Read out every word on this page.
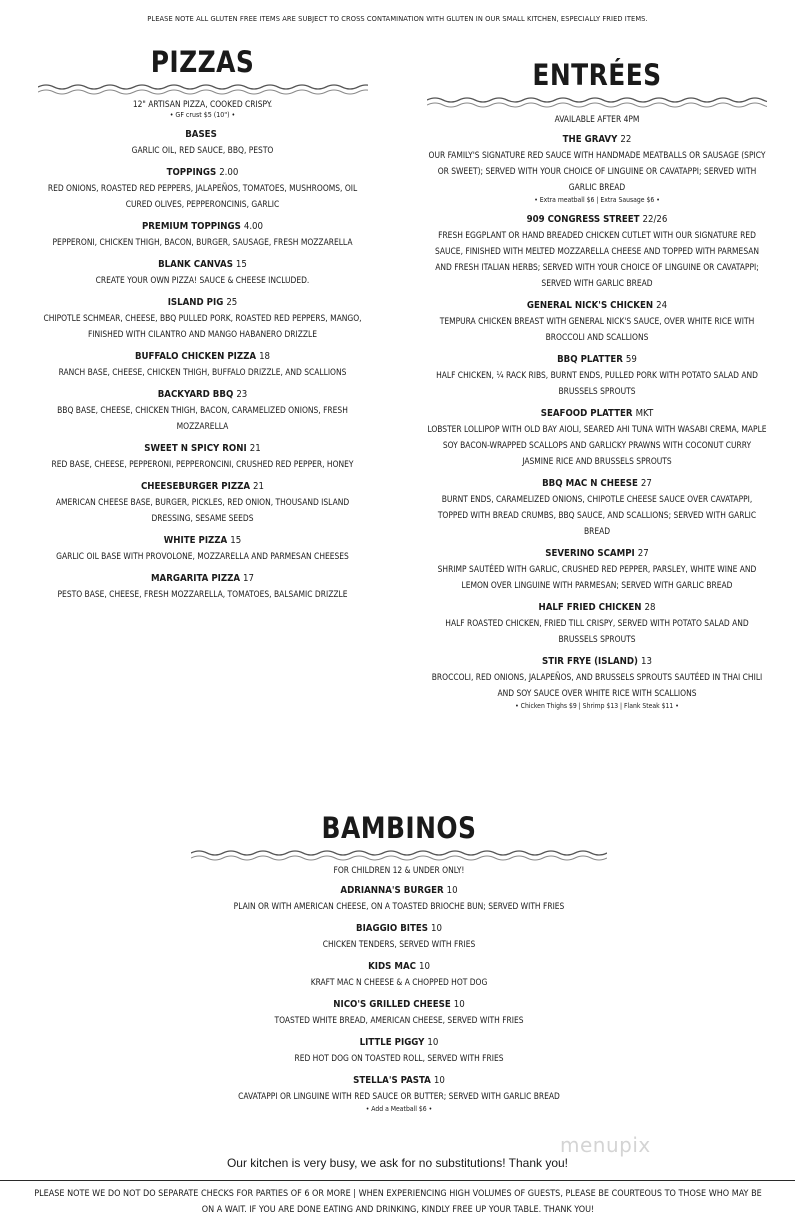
PLEASE NOTE ALL GLUTEN FREE ITEMS ARE SUBJECT TO CROSS CONTAMINATION WITH GLUTEN IN OUR SMALL KITCHEN, ESPECIALLY FRIED ITEMS.
PIZZAS
12" ARTISAN PIZZA, COOKED CRISPY.
• GF crust $5 (10") •
BASES
GARLIC OIL, RED SAUCE, BBQ, PESTO
TOPPINGS 2.00
RED ONIONS, ROASTED RED PEPPERS, JALAPEÑOS, TOMATOES, MUSHROOMS, OIL CURED OLIVES, PEPPERONCINIS, GARLIC
PREMIUM TOPPINGS 4.00
PEPPERONI, CHICKEN THIGH, BACON, BURGER, SAUSAGE, FRESH MOZZARELLA
BLANK CANVAS 15
CREATE YOUR OWN PIZZA! SAUCE & CHEESE INCLUDED.
ISLAND PIG 25
CHIPOTLE SCHMEAR, CHEESE, BBQ PULLED PORK, ROASTED RED PEPPERS, MANGO, FINISHED WITH CILANTRO AND MANGO HABANERO DRIZZLE
BUFFALO CHICKEN PIZZA 18
RANCH BASE, CHEESE, CHICKEN THIGH, BUFFALO DRIZZLE, AND SCALLIONS
BACKYARD BBQ 23
BBQ BASE, CHEESE, CHICKEN THIGH, BACON, CARAMELIZED ONIONS, FRESH MOZZARELLA
SWEET N SPICY RONI 21
RED BASE, CHEESE, PEPPERONI, PEPPERONCINI, CRUSHED RED PEPPER, HONEY
CHEESEBURGER PIZZA 21
AMERICAN CHEESE BASE, BURGER, PICKLES, RED ONION, THOUSAND ISLAND DRESSING, SESAME SEEDS
WHITE PIZZA 15
GARLIC OIL BASE WITH PROVOLONE, MOZZARELLA AND PARMESAN CHEESES
MARGARITA PIZZA 17
PESTO BASE, CHEESE, FRESH MOZZARELLA, TOMATOES, BALSAMIC DRIZZLE
ENTRÉES
AVAILABLE AFTER 4PM
THE GRAVY 22
OUR FAMILY'S SIGNATURE RED SAUCE WITH HANDMADE MEATBALLS OR SAUSAGE (SPICY OR SWEET); SERVED WITH YOUR CHOICE OF LINGUINE OR CAVATAPPI; SERVED WITH GARLIC BREAD
• Extra meatball $6 | Extra Sausage $6 •
909 CONGRESS STREET 22/26
FRESH EGGPLANT OR HAND BREADED CHICKEN CUTLET WITH OUR SIGNATURE RED SAUCE, FINISHED WITH MELTED MOZZARELLA CHEESE AND TOPPED WITH PARMESAN AND FRESH ITALIAN HERBS; SERVED WITH YOUR CHOICE OF LINGUINE OR CAVATAPPI; SERVED WITH GARLIC BREAD
GENERAL NICK'S CHICKEN 24
TEMPURA CHICKEN BREAST WITH GENERAL NICK'S SAUCE, OVER WHITE RICE WITH BROCCOLI AND SCALLIONS
BBQ PLATTER 59
HALF CHICKEN, ¼ RACK RIBS, BURNT ENDS, PULLED PORK WITH POTATO SALAD AND BRUSSELS SPROUTS
SEAFOOD PLATTER MKT
LOBSTER LOLLIPOP WITH OLD BAY AIOLI, SEARED AHI TUNA WITH WASABI CREMA, MAPLE SOY BACON-WRAPPED SCALLOPS AND GARLICKY PRAWNS WITH COCONUT CURRY JASMINE RICE AND BRUSSELS SPROUTS
BBQ MAC N CHEESE 27
BURNT ENDS, CARAMELIZED ONIONS, CHIPOTLE CHEESE SAUCE OVER CAVATAPPI, TOPPED WITH BREAD CRUMBS, BBQ SAUCE, AND SCALLIONS; SERVED WITH GARLIC BREAD
SEVERINO SCAMPI 27
SHRIMP SAUTÉED WITH GARLIC, CRUSHED RED PEPPER, PARSLEY, WHITE WINE AND LEMON OVER LINGUINE WITH PARMESAN; SERVED WITH GARLIC BREAD
HALF FRIED CHICKEN 28
HALF ROASTED CHICKEN, FRIED TILL CRISPY, SERVED WITH POTATO SALAD AND BRUSSELS SPROUTS
STIR FRYE (ISLAND) 13
BROCCOLI, RED ONIONS, JALAPEÑOS, AND BRUSSELS SPROUTS SAUTÉED IN THAI CHILI AND SOY SAUCE OVER WHITE RICE WITH SCALLIONS
• Chicken Thighs $9 | Shrimp $13 | Flank Steak $11 •
BAMBINOS
FOR CHILDREN 12 & UNDER ONLY!
ADRIANNA'S BURGER 10
PLAIN OR WITH AMERICAN CHEESE, ON A TOASTED BRIOCHE BUN; SERVED WITH FRIES
BIAGGIO BITES 10
CHICKEN TENDERS, SERVED WITH FRIES
KIDS MAC 10
KRAFT MAC N CHEESE & A CHOPPED HOT DOG
NICO'S GRILLED CHEESE 10
TOASTED WHITE BREAD, AMERICAN CHEESE, SERVED WITH FRIES
LITTLE PIGGY 10
RED HOT DOG ON TOASTED ROLL, SERVED WITH FRIES
STELLA'S PASTA 10
CAVATAPPI OR LINGUINE WITH RED SAUCE OR BUTTER; SERVED WITH GARLIC BREAD
• Add a Meatball $6 •
menupix
Our kitchen is very busy, we ask for no substitutions! Thank you!
PLEASE NOTE WE DO NOT DO SEPARATE CHECKS FOR PARTIES OF 6 OR MORE | WHEN EXPERIENCING HIGH VOLUMES OF GUESTS, PLEASE BE COURTEOUS TO THOSE WHO MAY BE ON A WAIT. IF YOU ARE DONE EATING AND DRINKING, KINDLY FREE UP YOUR TABLE. THANK YOU!
